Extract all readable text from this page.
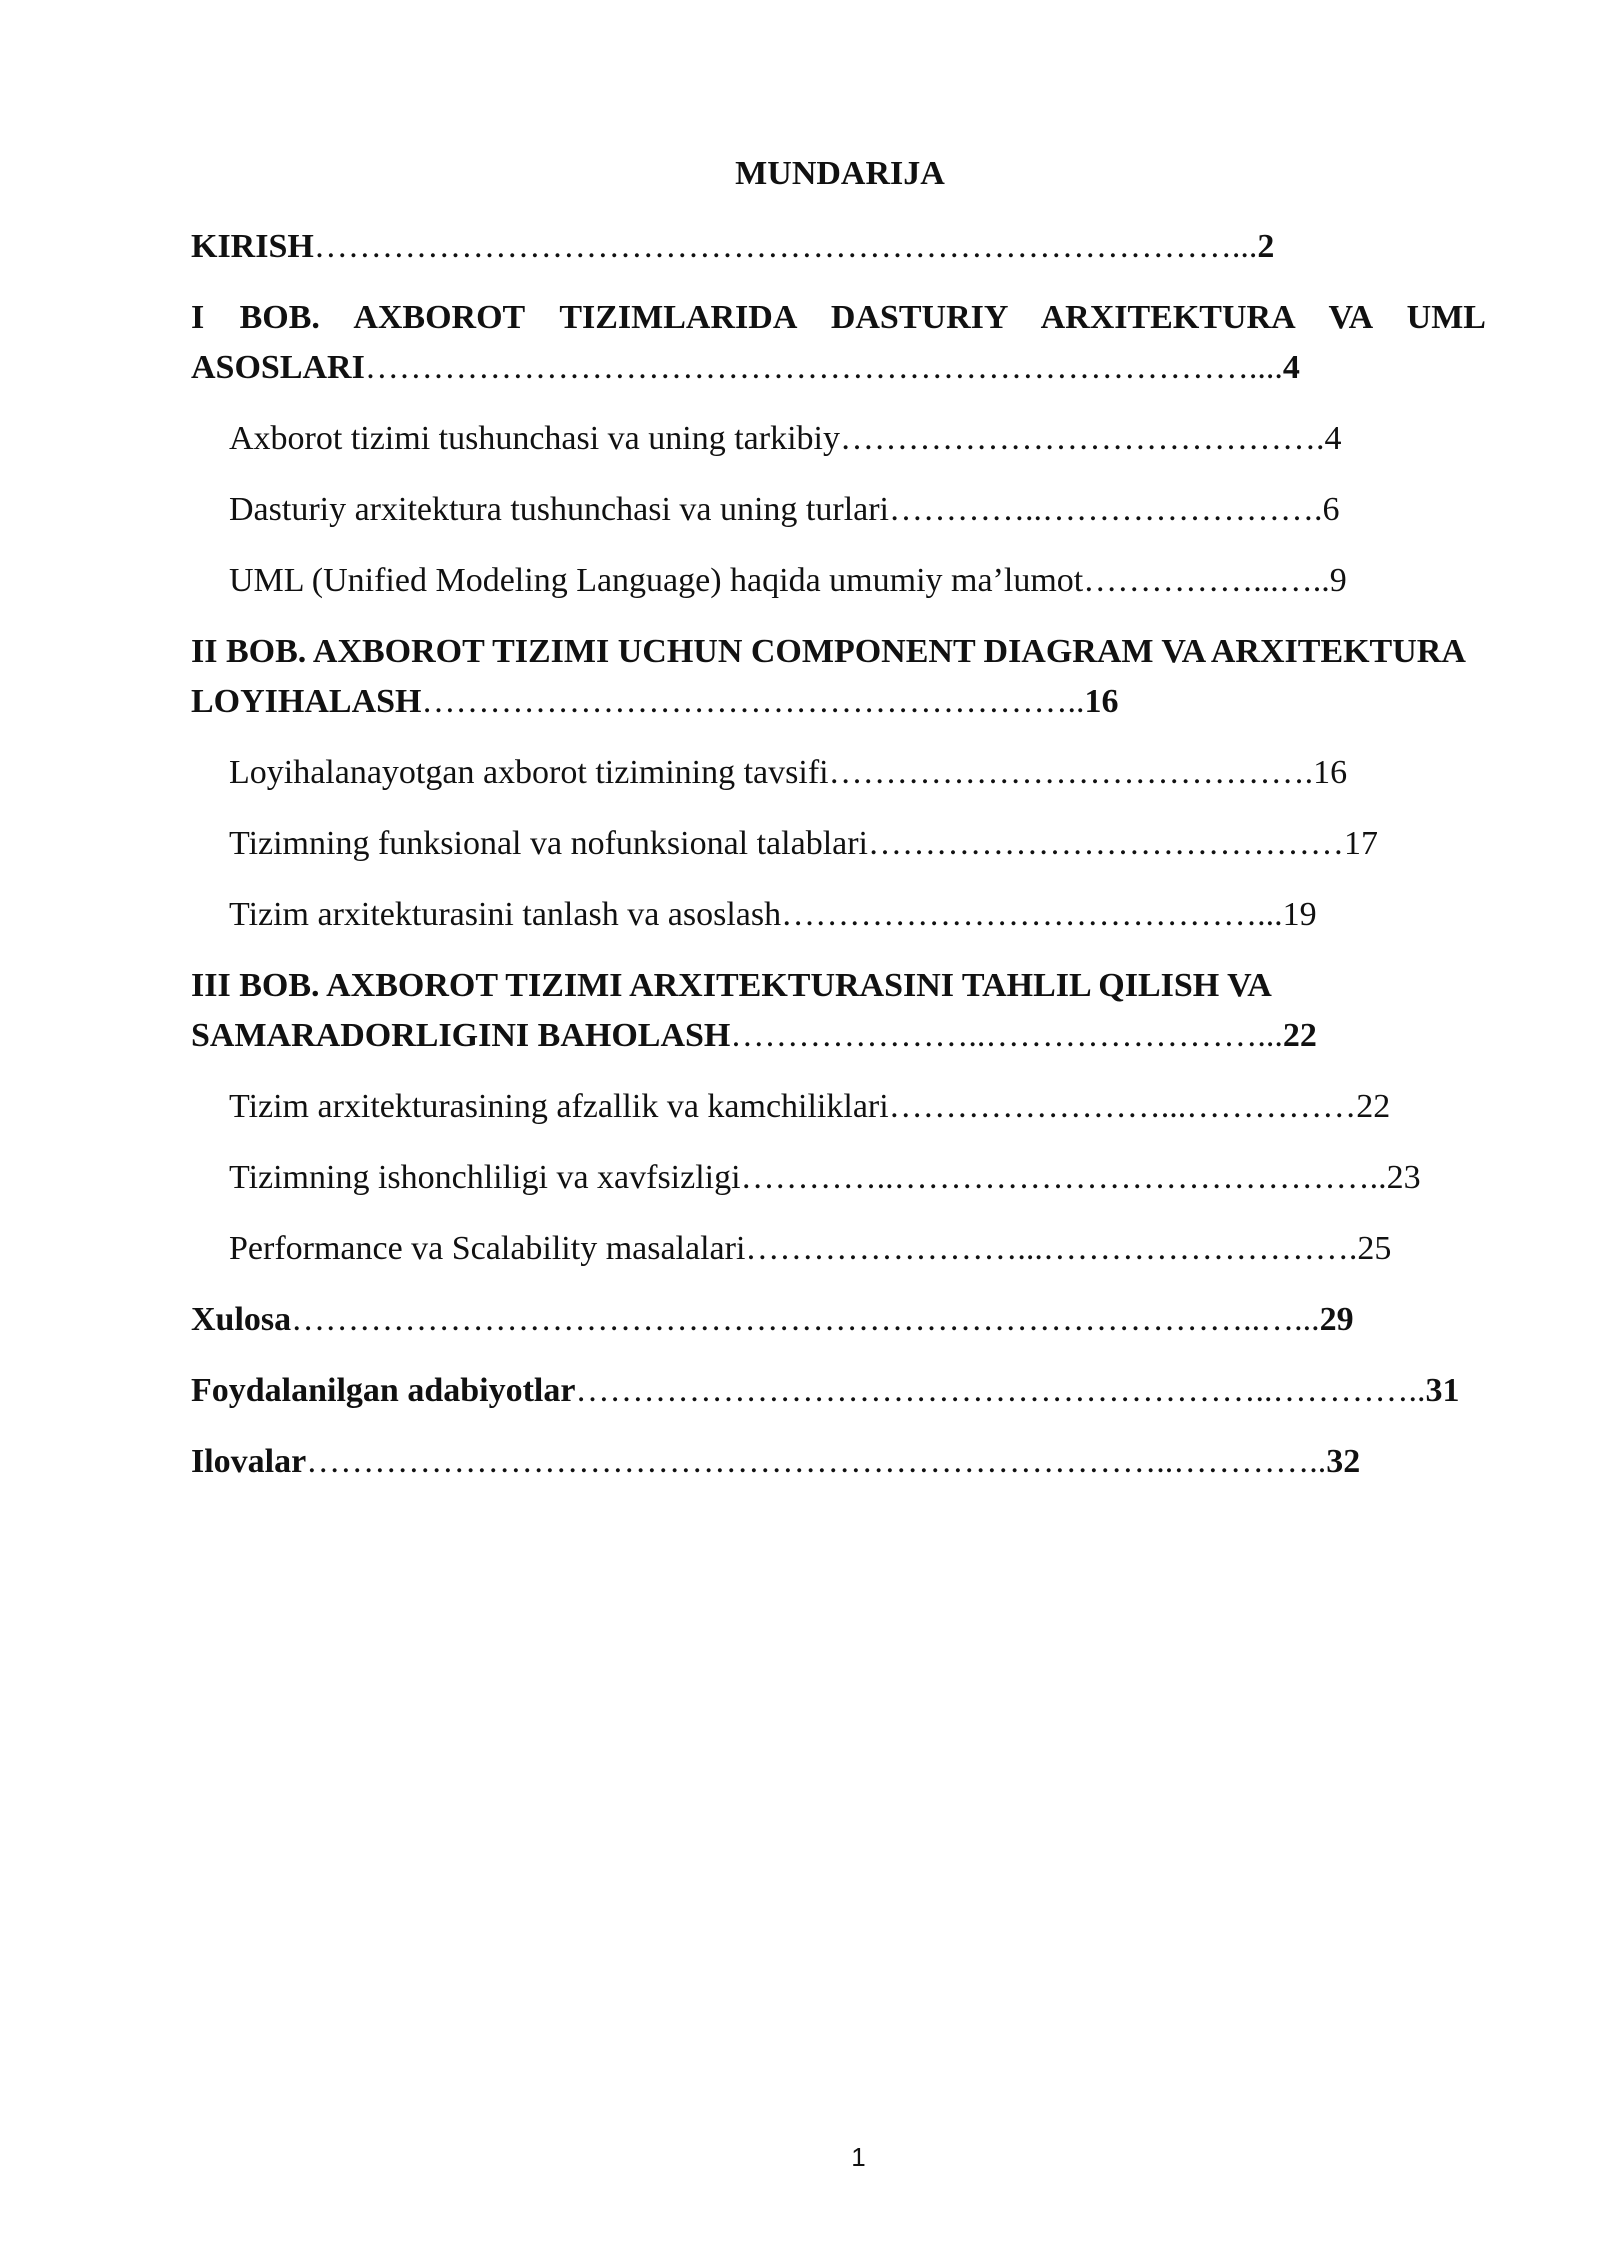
MUNDARIJA

KIRISH………………………………………………………………………...2

I BOB. AXBOROT TIZIMLARIDA DASTURIY ARXITEKTURA VA UML ASOSLARI……………………………………………………………………....4

Axborot tizimi tushunchasi va uning tarkibiy…………………………………….4

Dasturiy arxitektura tushunchasi va uning turlari…………..…………………….6

UML (Unified Modeling Language) haqida umumiy ma’lumot……………...…..9

II BOB. AXBOROT TIZIMI UCHUN COMPONENT DIAGRAM VA ARXITEKTURA LOYIHALASH…………………………………………………..16

Loyihalanayotgan axborot tizimining tavsifi…………………………………….16

Tizimning funksional va nofunksional talablari……………………………………17

Tizim arxitekturasini tanlash va asoslash……………………………………...19

III BOB. AXBOROT TIZIMI ARXITEKTURASINI TAHLIL QILISH VA SAMARADORLIGINI BAHOLASH…………………..……………………...22

Tizim arxitekturasining afzallik va kamchiliklari……………………...……………22

Tizimning ishonchliligi va xavfsizligi…………..……………………………………..23

Performance va Scalability masalalari……………………...……………………….25

Xulosa…………………………………………………………………………..…...29

Foydalanilgan adabiyotlar……………………………………………………..…………..31

Ilovalar…………………………………………………………………..…………..32

1
